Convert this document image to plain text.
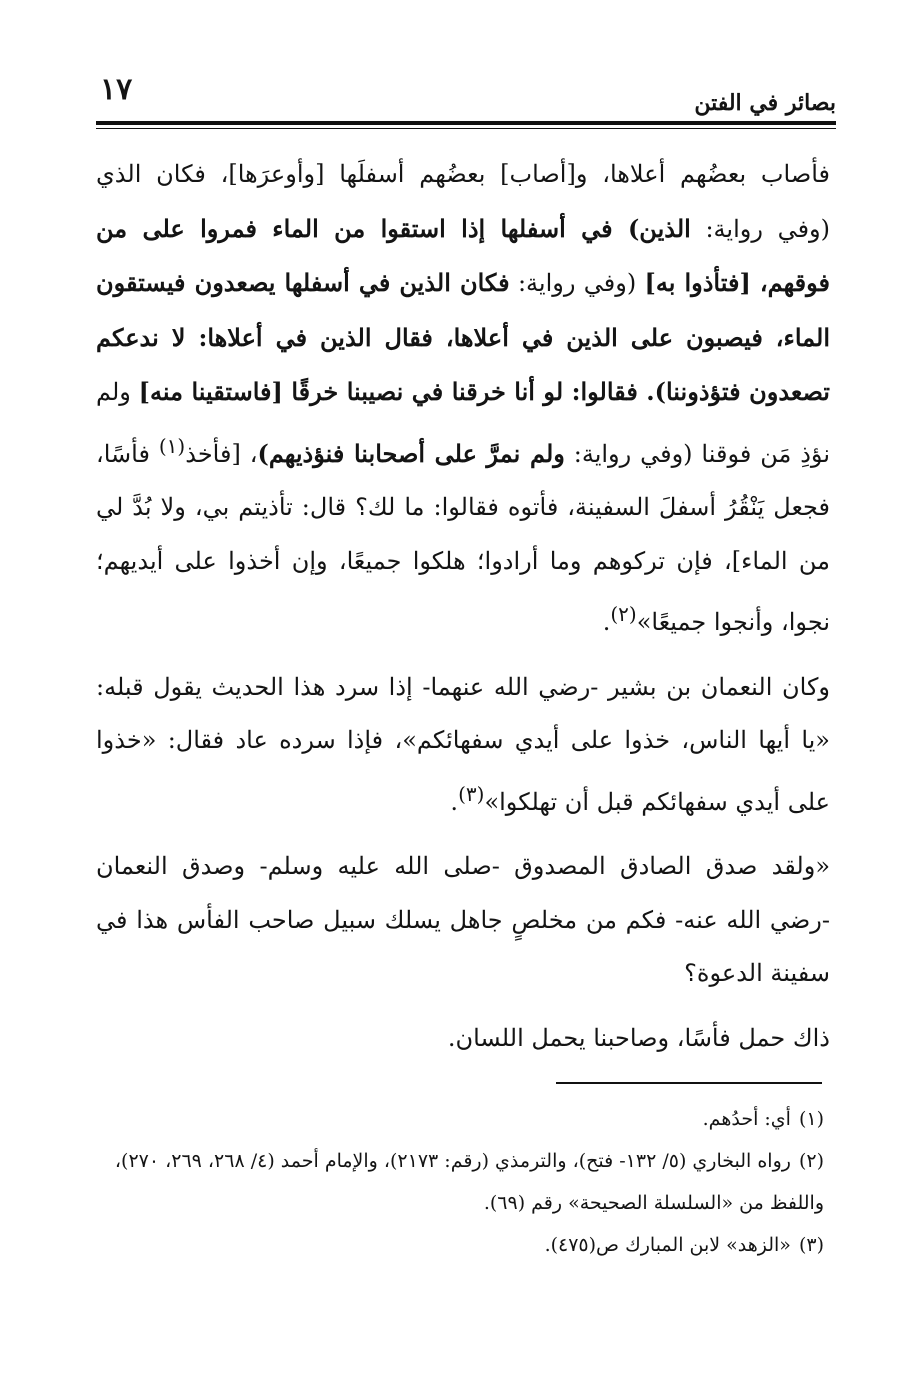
١٧	بصائر في الفتن

فأصاب بعضُهم أعلاها، و[أصاب] بعضُهم أسفلَها [وأوعرَها]، فكان الذي (وفي رواية: الذين) في أسفلها إذا استقوا من الماء فمروا على من فوقهم، [فتأذوا به] (وفي رواية: فكان الذين في أسفلها يصعدون فيستقون الماء، فيصبون على الذين في أعلاها، فقال الذين في أعلاها: لا ندعكم تصعدون فتؤذوننا). فقالوا: لو أنا خرقنا في نصيبنا خرقًا [فاستقينا منه] ولم نؤذِ مَن فوقنا (وفي رواية: ولم نمرَّ على أصحابنا فنؤذيهم)، [فأخذ$^{(١)}$ فأسًا، فجعل يَنْقُرُ أسفلَ السفينة، فأتوه فقالوا: ما لك؟ قال: تأذيتم بي، ولا بُدَّ لي من الماء]، فإن تركوهم وما أرادوا؛ هلكوا جميعًا، وإن أخذوا على أيديهم؛ نجوا، وأنجوا جميعًا»$^{(٢)}$.

وكان النعمان بن بشير -رضي الله عنهما- إذا سرد هذا الحديث يقول قبله: «يا أيها الناس، خذوا على أيدي سفهائكم»، فإذا سرده عاد فقال: «خذوا على أيدي سفهائكم قبل أن تهلكوا»$^{(٣)}$.

«ولقد صدق الصادق المصدوق -صلى الله عليه وسلم- وصدق النعمان -رضي الله عنه- فكم من مخلصٍ جاهل يسلك سبيل صاحب الفأس هذا في سفينة الدعوة؟

ذاك حمل فأسًا، وصاحبنا يحمل اللسان.

(١)أي: أحدُهم.

(٢)رواه البخاري (٥/ ١٣٢- فتح)، والترمذي (رقم: ٢١٧٣)، والإمام أحمد (٤/ ٢٦٨، ٢٦٩، ٢٧٠)، واللفظ من «السلسلة الصحيحة» رقم (٦٩).

(٣)«الزهد» لابن المبارك ص(٤٧٥).
